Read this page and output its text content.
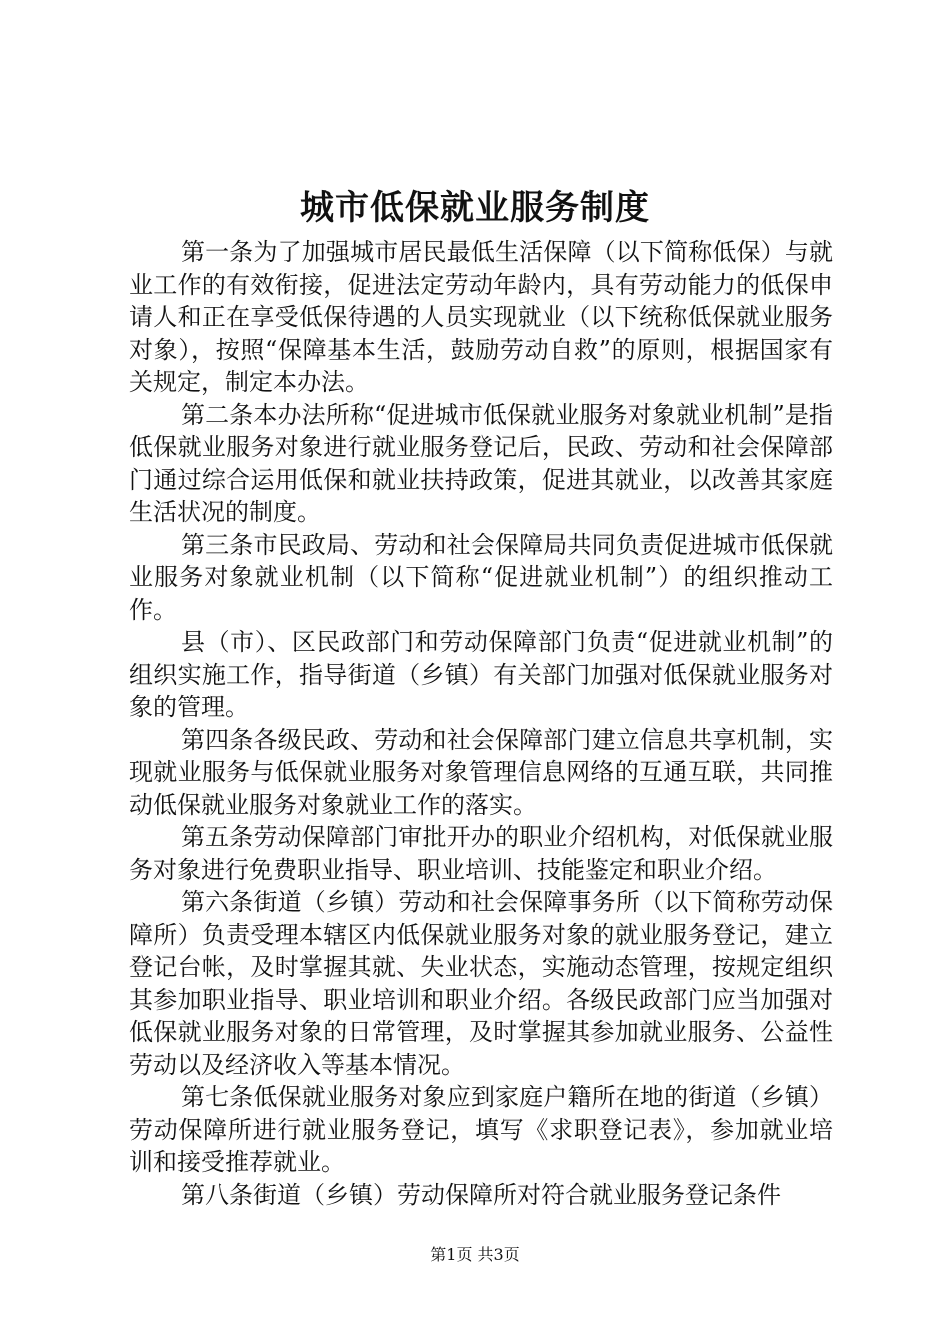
城市低保就业服务制度

第一条为了加强城市居民最低生活保障（以下简称低保）与就业工作的有效衔接，促进法定劳动年龄内，具有劳动能力的低保申请人和正在享受低保待遇的人员实现就业（以下统称低保就业服务对象），按照“保障基本生活，鼓励劳动自救”的原则，根据国家有关规定，制定本办法。

第二条本办法所称“促进城市低保就业服务对象就业机制”是指低保就业服务对象进行就业服务登记后，民政、劳动和社会保障部门通过综合运用低保和就业扶持政策，促进其就业，以改善其家庭生活状况的制度。

第三条市民政局、劳动和社会保障局共同负责促进城市低保就业服务对象就业机制（以下简称“促进就业机制”）的组织推动工作。

县（市）、区民政部门和劳动保障部门负责“促进就业机制”的组织实施工作，指导街道（乡镇）有关部门加强对低保就业服务对象的管理。

第四条各级民政、劳动和社会保障部门建立信息共享机制，实现就业服务与低保就业服务对象管理信息网络的互通互联，共同推动低保就业服务对象就业工作的落实。

第五条劳动保障部门审批开办的职业介绍机构，对低保就业服务对象进行免费职业指导、职业培训、技能鉴定和职业介绍。

第六条街道（乡镇）劳动和社会保障事务所（以下简称劳动保障所）负责受理本辖区内低保就业服务对象的就业服务登记，建立登记台帐，及时掌握其就、失业状态，实施动态管理，按规定组织其参加职业指导、职业培训和职业介绍。各级民政部门应当加强对低保就业服务对象的日常管理，及时掌握其参加就业服务、公益性劳动以及经济收入等基本情况。

第七条低保就业服务对象应到家庭户籍所在地的街道（乡镇）劳动保障所进行就业服务登记，填写《求职登记表》，参加就业培训和接受推荐就业。

第八条街道（乡镇）劳动保障所对符合就业服务登记条件

第1页 共3页
